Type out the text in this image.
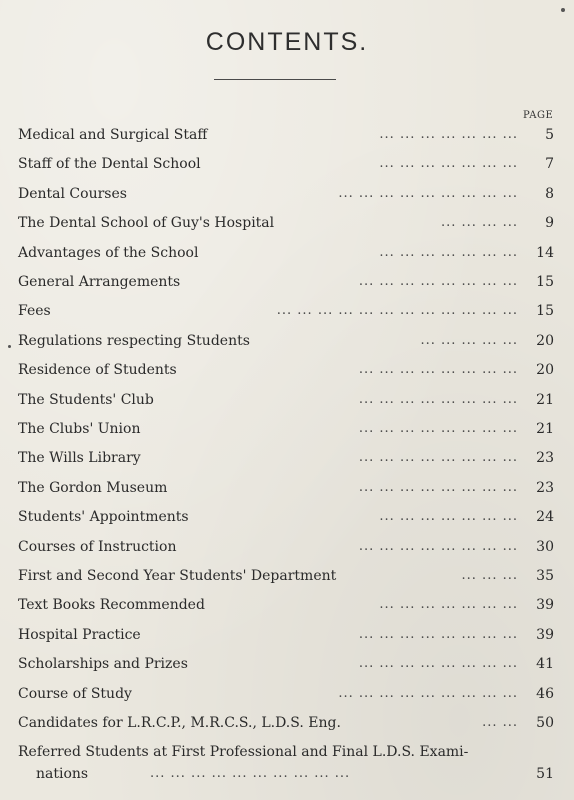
CONTENTS.
PAGE
Medical and Surgical Staff	... ... ... ... ... ... ...	5
Staff of the Dental School	... ... ... ... ... ... ...	7
Dental Courses	... ... ... ... ... ... ... ... ...	8
The Dental School of Guy's Hospital	... ... ... ...	9
Advantages of the School	... ... ... ... ... ... ...	14
General Arrangements	... ... ... ... ... ... ... ...	15
Fees	... ... ... ... ... ... ... ... ... ... ... ...	15
Regulations respecting Students	... ... ... ... ...	20
Residence of Students	... ... ... ... ... ... ... ...	20
The Students' Club	... ... ... ... ... ... ... ...	21
The Clubs' Union	... ... ... ... ... ... ... ...	21
The Wills Library	... ... ... ... ... ... ... ...	23
The Gordon Museum	... ... ... ... ... ... ... ...	23
Students' Appointments	... ... ... ... ... ... ...	24
Courses of Instruction	... ... ... ... ... ... ... ...	30
First and Second Year Students' Department	... ... ...	35
Text Books Recommended	... ... ... ... ... ... ...	39
Hospital Practice	... ... ... ... ... ... ... ...	39
Scholarships and Prizes	... ... ... ... ... ... ... ...	41
Course of Study	... ... ... ... ... ... ... ... ...	46
Candidates for L.R.C.P., M.R.C.S., L.D.S. Eng.	... ...	50
Referred Students at First Professional and Final L.D.S. Exami-
nations	... ... ... ... ... ... ... ... ... ...	51
